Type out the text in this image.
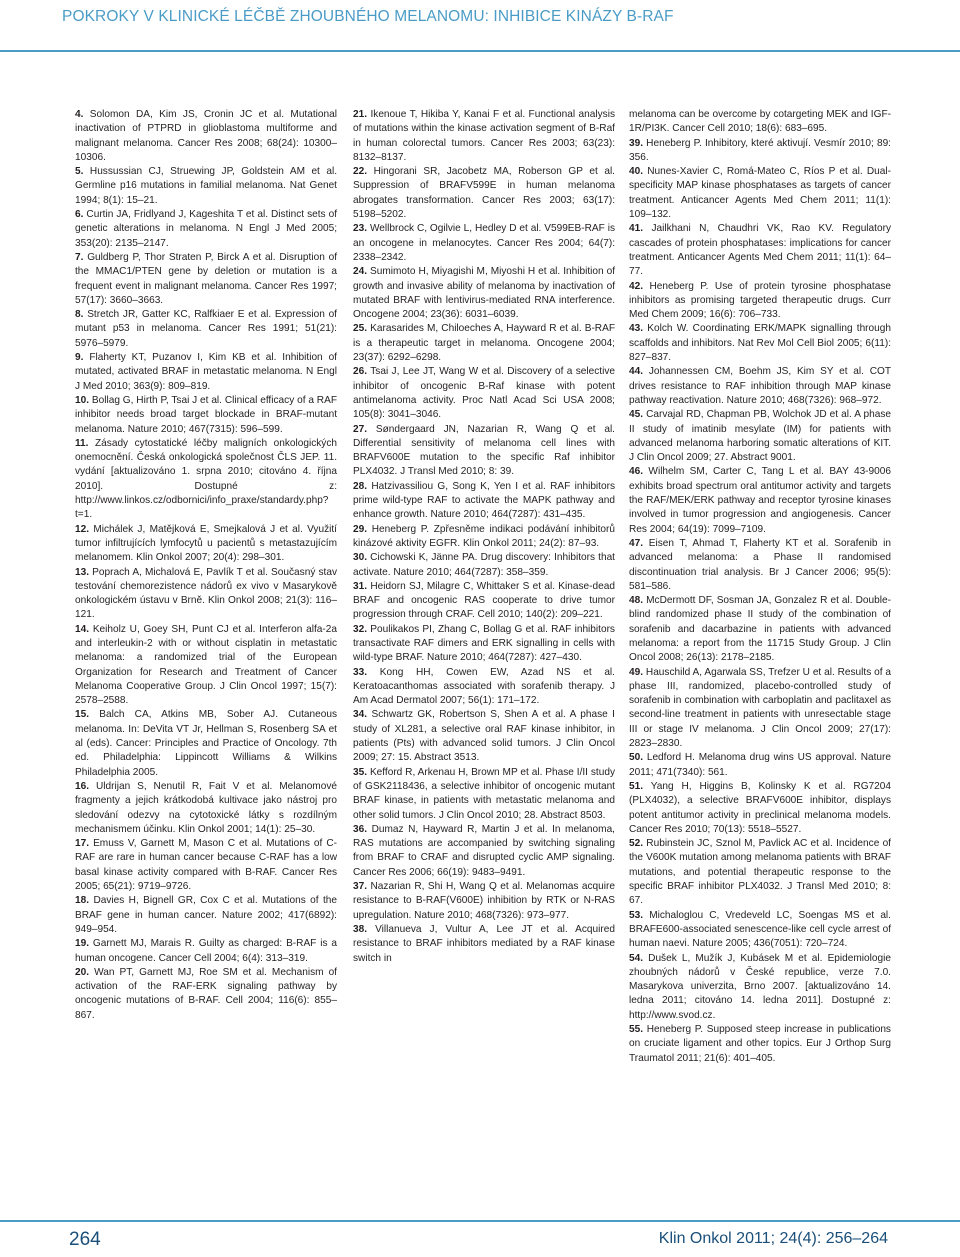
POKROKY V KLINICKÉ LÉČBĚ ZHOUBNÉHO MELANOMU: INHIBICE KINÁZY B-RAF

4. Solomon DA, Kim JS, Cronin JC et al. Mutational inactivation of PTPRD in glioblastoma multiforme and malignant melanoma. Cancer Res 2008; 68(24): 10300–10306.

5. Hussussian CJ, Struewing JP, Goldstein AM et al. Germline p16 mutations in familial melanoma. Nat Genet 1994; 8(1): 15–21.

6. Curtin JA, Fridlyand J, Kageshita T et al. Distinct sets of genetic alterations in melanoma. N Engl J Med 2005; 353(20): 2135–2147.

7. Guldberg P, Thor Straten P, Birck A et al. Disruption of the MMAC1/PTEN gene by deletion or mutation is a frequent event in malignant melanoma. Cancer Res 1997; 57(17): 3660–3663.

8. Stretch JR, Gatter KC, Ralfkiaer E et al. Expression of mutant p53 in melanoma. Cancer Res 1991; 51(21): 5976–5979.

9. Flaherty KT, Puzanov I, Kim KB et al. Inhibition of mutated, activated BRAF in metastatic melanoma. N Engl J Med 2010; 363(9): 809–819.

10. Bollag G, Hirth P, Tsai J et al. Clinical efficacy of a RAF inhibitor needs broad target blockade in BRAF-mutant melanoma. Nature 2010; 467(7315): 596–599.

11. Zásady cytostatické léčby maligních onkologických onemocnění. Česká onkologická společnost ČLS JEP. 11. vydání [aktualizováno 1. srpna 2010; citováno 4. října 2010]. Dostupné z: http://www.linkos.cz/odbornici/info_praxe/standardy.php?t=1.

12. Michálek J, Matějková E, Smejkalová J et al. Využití tumor infiltrujících lymfocytů u pacientů s metastazujícím melanomem. Klin Onkol 2007; 20(4): 298–301.

13. Poprach A, Michalová E, Pavlík T et al. Současný stav testování chemorezistence nádorů ex vivo v Masarykově onkologickém ústavu v Brně. Klin Onkol 2008; 21(3): 116–121.

14. Keiholz U, Goey SH, Punt CJ et al. Interferon alfa-2a and interleukin-2 with or without cisplatin in metastatic melanoma: a randomized trial of the European Organization for Research and Treatment of Cancer Melanoma Cooperative Group. J Clin Oncol 1997; 15(7): 2578–2588.

15. Balch CA, Atkins MB, Sober AJ. Cutaneous melanoma. In: DeVita VT Jr, Hellman S, Rosenberg SA et al (eds). Cancer: Principles and Practice of Oncology. 7th ed. Philadelphia: Lippincott Williams & Wilkins Philadelphia 2005.

16. Uldrijan S, Nenutil R, Fait V et al. Melanomové fragmenty a jejich krátkodobá kultivace jako nástroj pro sledování odezvy na cytotoxické látky s rozdílným mechanismem účinku. Klin Onkol 2001; 14(1): 25–30.

17. Emuss V, Garnett M, Mason C et al. Mutations of C-RAF are rare in human cancer because C-RAF has a low basal kinase activity compared with B-RAF. Cancer Res 2005; 65(21): 9719–9726.

18. Davies H, Bignell GR, Cox C et al. Mutations of the BRAF gene in human cancer. Nature 2002; 417(6892): 949–954.

19. Garnett MJ, Marais R. Guilty as charged: B-RAF is a human oncogene. Cancer Cell 2004; 6(4): 313–319.

20. Wan PT, Garnett MJ, Roe SM et al. Mechanism of activation of the RAF-ERK signaling pathway by oncogenic mutations of B-RAF. Cell 2004; 116(6): 855–867.

21. Ikenoue T, Hikiba Y, Kanai F et al. Functional analysis of mutations within the kinase activation segment of B-Raf in human colorectal tumors. Cancer Res 2003; 63(23): 8132–8137.

22. Hingorani SR, Jacobetz MA, Roberson GP et al. Suppression of BRAFV599E in human melanoma abrogates transformation. Cancer Res 2003; 63(17): 5198–5202.

23. Wellbrock C, Ogilvie L, Hedley D et al. V599EB-RAF is an oncogene in melanocytes. Cancer Res 2004; 64(7): 2338–2342.

24. Sumimoto H, Miyagishi M, Miyoshi H et al. Inhibition of growth and invasive ability of melanoma by inactivation of mutated BRAF with lentivirus-mediated RNA interference. Oncogene 2004; 23(36): 6031–6039.

25. Karasarides M, Chiloeches A, Hayward R et al. B-RAF is a therapeutic target in melanoma. Oncogene 2004; 23(37): 6292–6298.

26. Tsai J, Lee JT, Wang W et al. Discovery of a selective inhibitor of oncogenic B-Raf kinase with potent antimelanoma activity. Proc Natl Acad Sci USA 2008; 105(8): 3041–3046.

27. Søndergaard JN, Nazarian R, Wang Q et al. Differential sensitivity of melanoma cell lines with BRAFV600E mutation to the specific Raf inhibitor PLX4032. J Transl Med 2010; 8: 39.

28. Hatzivassiliou G, Song K, Yen I et al. RAF inhibitors prime wild-type RAF to activate the MAPK pathway and enhance growth. Nature 2010; 464(7287): 431–435.

29. Heneberg P. Zpřesněme indikaci podávání inhibitorů kinázové aktivity EGFR. Klin Onkol 2011; 24(2): 87–93.

30. Cichowski K, Jänne PA. Drug discovery: Inhibitors that activate. Nature 2010; 464(7287): 358–359.

31. Heidorn SJ, Milagre C, Whittaker S et al. Kinase-dead BRAF and oncogenic RAS cooperate to drive tumor progression through CRAF. Cell 2010; 140(2): 209–221.

32. Poulikakos PI, Zhang C, Bollag G et al. RAF inhibitors transactivate RAF dimers and ERK signalling in cells with wild-type BRAF. Nature 2010; 464(7287): 427–430.

33. Kong HH, Cowen EW, Azad NS et al. Keratoacanthomas associated with sorafenib therapy. J Am Acad Dermatol 2007; 56(1): 171–172.

34. Schwartz GK, Robertson S, Shen A et al. A phase I study of XL281, a selective oral RAF kinase inhibitor, in patients (Pts) with advanced solid tumors. J Clin Oncol 2009; 27: 15. Abstract 3513.

35. Kefford R, Arkenau H, Brown MP et al. Phase I/II study of GSK2118436, a selective inhibitor of oncogenic mutant BRAF kinase, in patients with metastatic melanoma and other solid tumors. J Clin Oncol 2010; 28. Abstract 8503.

36. Dumaz N, Hayward R, Martin J et al. In melanoma, RAS mutations are accompanied by switching signaling from BRAF to CRAF and disrupted cyclic AMP signaling. Cancer Res 2006; 66(19): 9483–9491.

37. Nazarian R, Shi H, Wang Q et al. Melanomas acquire resistance to B-RAF(V600E) inhibition by RTK or N-RAS upregulation. Nature 2010; 468(7326): 973–977.

38. Villanueva J, Vultur A, Lee JT et al. Acquired resistance to BRAF inhibitors mediated by a RAF kinase switch in

melanoma can be overcome by cotargeting MEK and IGF-1R/PI3K. Cancer Cell 2010; 18(6): 683–695.

39. Heneberg P. Inhibitory, které aktivují. Vesmír 2010; 89: 356.

40. Nunes-Xavier C, Romá-Mateo C, Ríos P et al. Dual-specificity MAP kinase phosphatases as targets of cancer treatment. Anticancer Agents Med Chem 2011; 11(1): 109–132.

41. Jailkhani N, Chaudhri VK, Rao KV. Regulatory cascades of protein phosphatases: implications for cancer treatment. Anticancer Agents Med Chem 2011; 11(1): 64–77.

42. Heneberg P. Use of protein tyrosine phosphatase inhibitors as promising targeted therapeutic drugs. Curr Med Chem 2009; 16(6): 706–733.

43. Kolch W. Coordinating ERK/MAPK signalling through scaffolds and inhibitors. Nat Rev Mol Cell Biol 2005; 6(11): 827–837.

44. Johannessen CM, Boehm JS, Kim SY et al. COT drives resistance to RAF inhibition through MAP kinase pathway reactivation. Nature 2010; 468(7326): 968–972.

45. Carvajal RD, Chapman PB, Wolchok JD et al. A phase II study of imatinib mesylate (IM) for patients with advanced melanoma harboring somatic alterations of KIT. J Clin Oncol 2009; 27. Abstract 9001.

46. Wilhelm SM, Carter C, Tang L et al. BAY 43-9006 exhibits broad spectrum oral antitumor activity and targets the RAF/MEK/ERK pathway and receptor tyrosine kinases involved in tumor progression and angiogenesis. Cancer Res 2004; 64(19): 7099–7109.

47. Eisen T, Ahmad T, Flaherty KT et al. Sorafenib in advanced melanoma: a Phase II randomised discontinuation trial analysis. Br J Cancer 2006; 95(5): 581–586.

48. McDermott DF, Sosman JA, Gonzalez R et al. Double-blind randomized phase II study of the combination of sorafenib and dacarbazine in patients with advanced melanoma: a report from the 11715 Study Group. J Clin Oncol 2008; 26(13): 2178–2185.

49. Hauschild A, Agarwala SS, Trefzer U et al. Results of a phase III, randomized, placebo-controlled study of sorafenib in combination with carboplatin and paclitaxel as second-line treatment in patients with unresectable stage III or stage IV melanoma. J Clin Oncol 2009; 27(17): 2823–2830.

50. Ledford H. Melanoma drug wins US approval. Nature 2011; 471(7340): 561.

51. Yang H, Higgins B, Kolinsky K et al. RG7204 (PLX4032), a selective BRAFV600E inhibitor, displays potent antitumor activity in preclinical melanoma models. Cancer Res 2010; 70(13): 5518–5527.

52. Rubinstein JC, Sznol M, Pavlick AC et al. Incidence of the V600K mutation among melanoma patients with BRAF mutations, and potential therapeutic response to the specific BRAF inhibitor PLX4032. J Transl Med 2010; 8: 67.

53. Michaloglou C, Vredeveld LC, Soengas MS et al. BRAFE600-associated senescence-like cell cycle arrest of human naevi. Nature 2005; 436(7051): 720–724.

54. Dušek L, Mužík J, Kubásek M et al. Epidemiologie zhoubných nádorů v České republice, verze 7.0. Masarykova univerzita, Brno 2007. [aktualizováno 14. ledna 2011; citováno 14. ledna 2011]. Dostupné z: http://www.svod.cz.

55. Heneberg P. Supposed steep increase in publications on cruciate ligament and other topics. Eur J Orthop Surg Traumatol 2011; 21(6): 401–405.

264	Klin Onkol 2011; 24(4): 256–264
